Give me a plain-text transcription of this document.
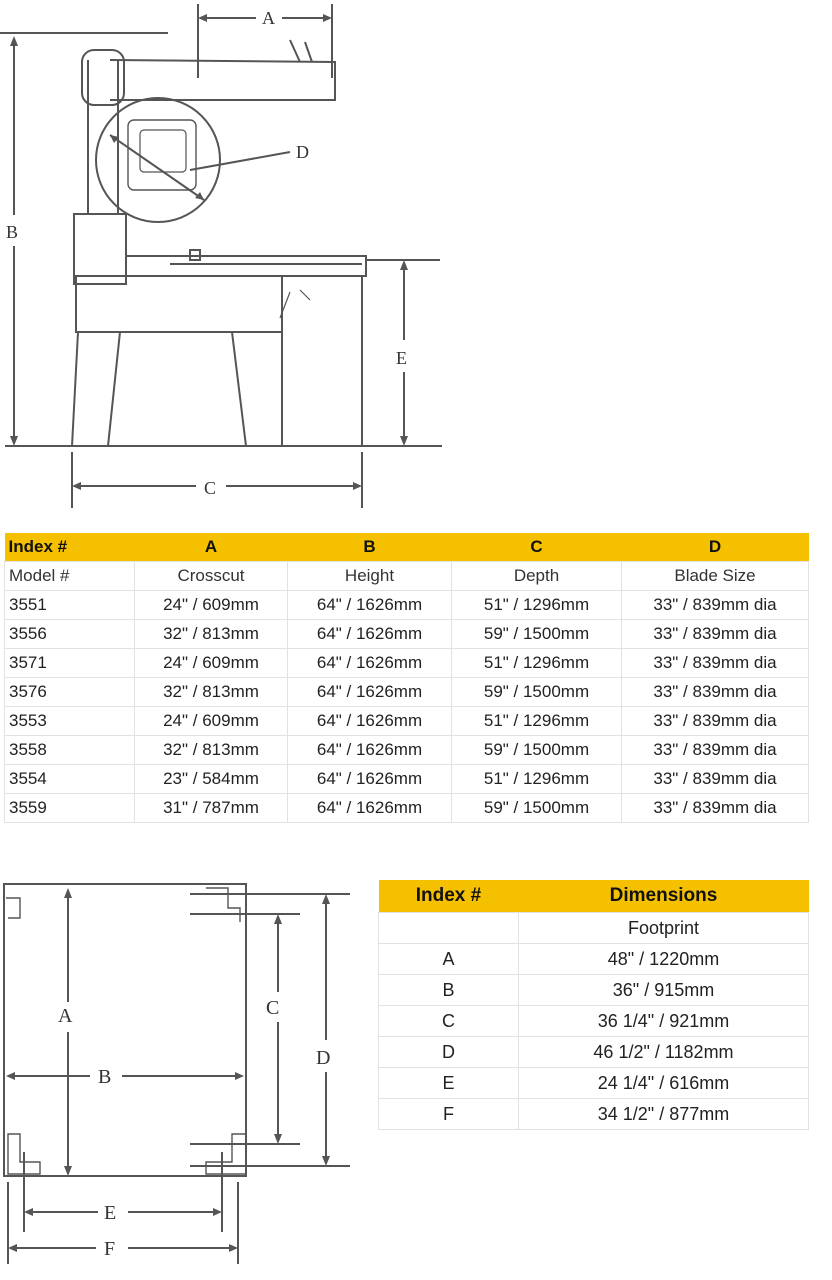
A
B
D
E
C
Index #	A	B	C	D
Model #	Crosscut	Height	Depth	Blade Size
3551	24" / 609mm	64" / 1626mm	51" / 1296mm	33" / 839mm dia
3556	32" / 813mm	64" / 1626mm	59" / 1500mm	33" / 839mm dia
3571	24" / 609mm	64" / 1626mm	51" / 1296mm	33" / 839mm dia
3576	32" / 813mm	64" / 1626mm	59" / 1500mm	33" / 839mm dia
3553	24" / 609mm	64" / 1626mm	51" / 1296mm	33" / 839mm dia
3558	32" / 813mm	64" / 1626mm	59" / 1500mm	33" / 839mm dia
3554	23" / 584mm	64" / 1626mm	51" / 1296mm	33" / 839mm dia
3559	31" / 787mm	64" / 1626mm	59" / 1500mm	33" / 839mm dia
A
B
C
D
E
F
Index #	Dimensions
	Footprint
A	48" / 1220mm
B	36" / 915mm
C	36 1/4" / 921mm
D	46 1/2" / 1182mm
E	24 1/4" / 616mm
F	34 1/2" / 877mm
